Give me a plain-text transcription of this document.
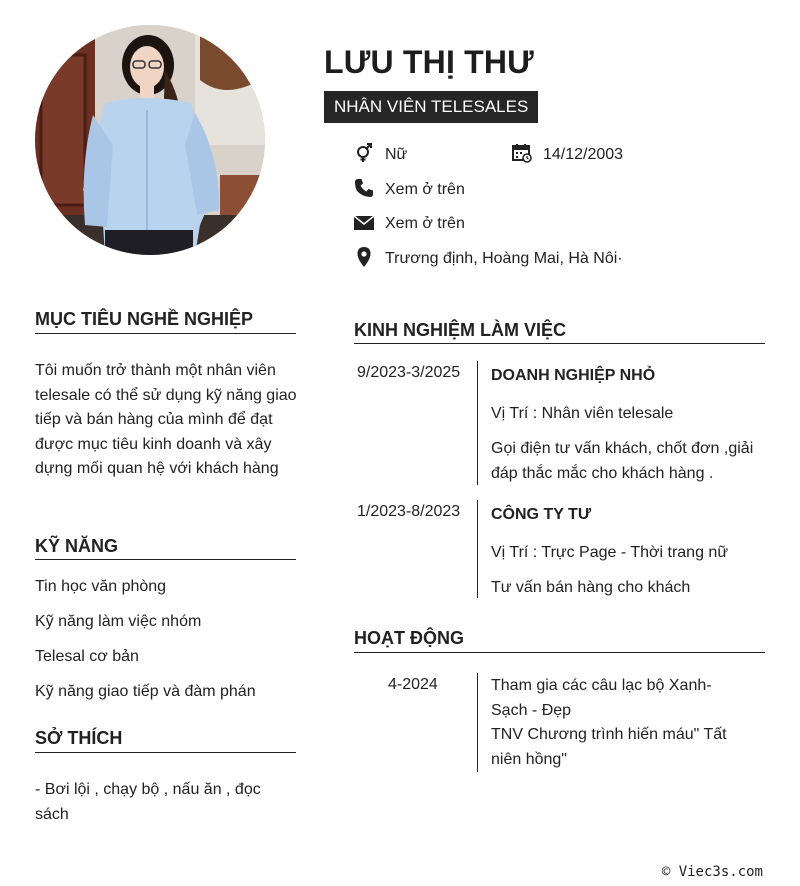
LƯU THỊ THƯ
NHÂN VIÊN TELESALES
Nữ	14/12/2003
Xem ở trên
Xem ở trên
Trương định, Hoàng Mai, Hà Nôi·
MỤC TIÊU NGHỀ NGHIỆP
Tôi muốn trở thành một nhân viên telesale có thể sử dụng kỹ năng giao tiếp và bán hàng của mình để đạt được mục tiêu kinh doanh và xây dựng mối quan hệ với khách hàng
KỸ NĂNG
Tin học văn phòng
Kỹ năng làm việc nhóm
Telesal cơ bản
Kỹ năng giao tiếp và đàm phán
SỞ THÍCH
- Bơi lội , chạy bộ , nấu ăn , đọc sách
KINH NGHIỆM LÀM VIỆC
9/2023-3/2025 DOANH NGHIỆP NHỎ
Vị Trí : Nhân viên telesale
Gọi điện tư vấn khách, chốt đơn ,giải đáp thắc mắc cho khách hàng .
1/2023-8/2023 CÔNG TY TƯ
Vị Trí : Trực Page - Thời trang nữ
Tư vấn bán hàng cho khách
HOẠT ĐỘNG
4-2024	Tham gia các câu lạc bộ Xanh-Sạch - Đẹp
TNV Chương trình hiến máu" Tất niên hồng"
© Viec3s.com
